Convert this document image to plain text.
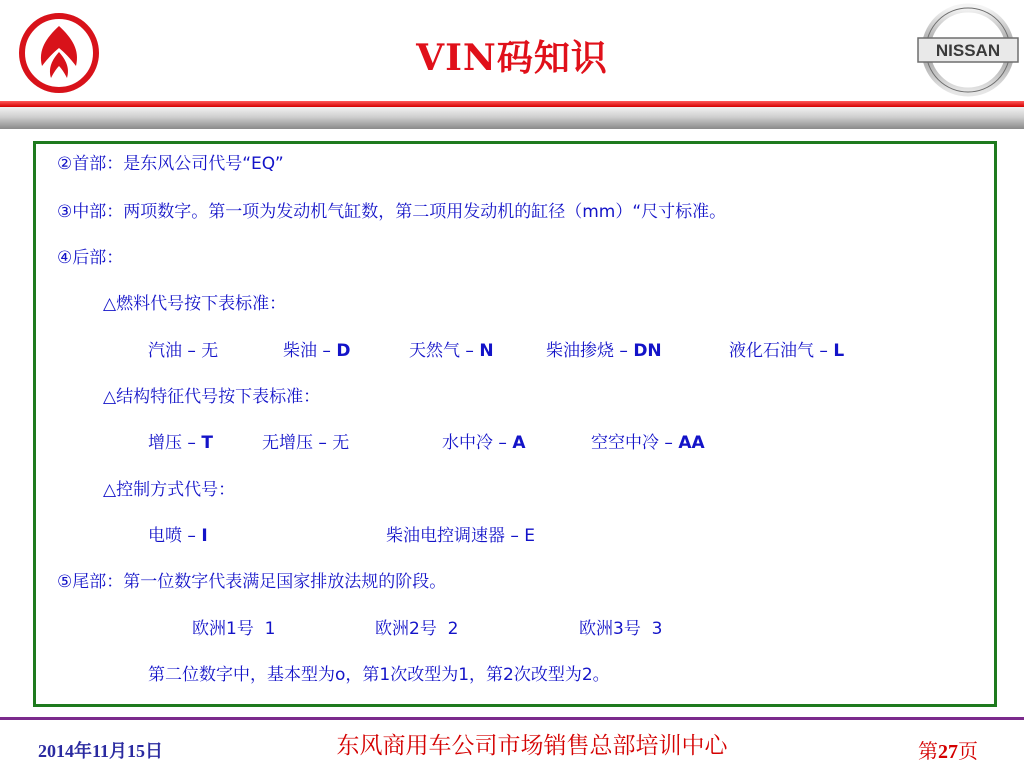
VIN码知识	NISSAN
②首部：是东风公司代号“EQ”
③中部：两项数字。第一项为发动机气缸数，第二项用发动机的缸径（mm）“尺寸标准。
④后部：
△燃料代号按下表标准：
汽油 – 无	柴油 – D	天然气 – N	柴油掺烧 – DN	液化石油气 – L
△结构特征代号按下表标准：
增压 – T	无增压 – 无	水中冷 – A	空空中冷 – AA
△控制方式代号：
电喷 – I	柴油电控调速器 – E
⑤尾部：第一位数字代表满足国家排放法规的阶段。
欧洲1号  1	欧洲2号  2	欧洲3号  3
第二位数字中，基本型为o，第1次改型为1，第2次改型为2。
2014年11月15日	东风商用车公司市场销售总部培训中心	第27页
